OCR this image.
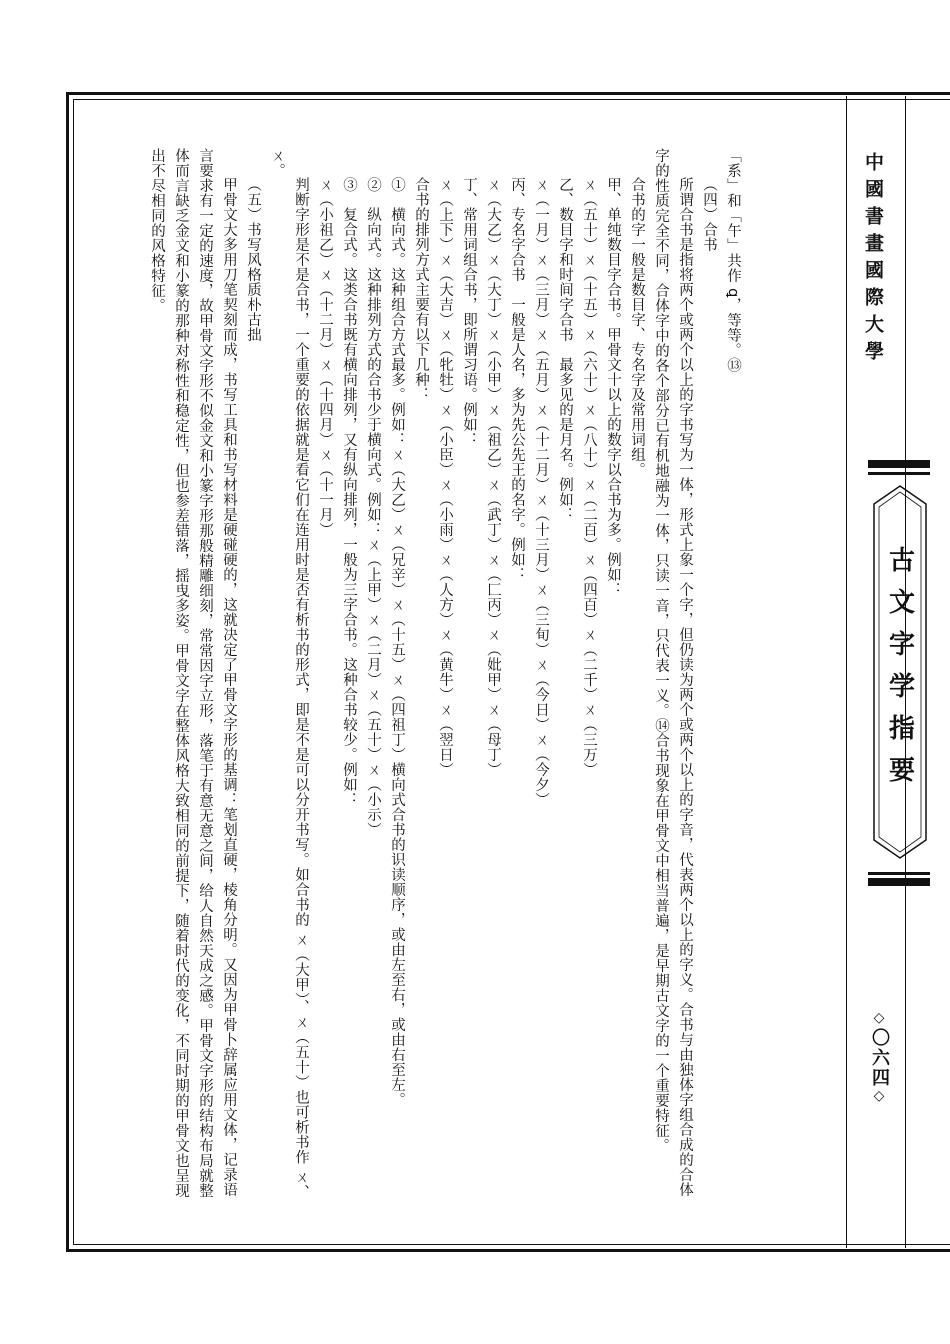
「系」和「午」共作 ꝗ，等等。⑬

（四）合书

所谓合书是指将两个或两个以上的字书写为一体，形式上象一个字，但仍读为两个或两个以上的字音，代表两个以上的字义。合书与由独体字组合成的合体字的性质完全不同，合体字中的各个部分已有机地融为一体，只读一音，只代表一义。⑭合书现象在甲骨文中相当普遍，是早期古文字的一个重要特征。

合书的字一般是数目字、专名字及常用词组。

甲、单纯数目字合书。甲骨文十以上的数字以合书为多。例如：

ㄨ（五十）ㄨ（十五）ㄨ（六十）ㄨ（八十）ㄨ（二百）ㄨ（四百）ㄨ（二千）ㄨ（三万）

乙、数目字和时间字合书　最多见的是月名。例如：

ㄨ（一月）ㄨ（三月）ㄨ（五月）ㄨ（十二月）ㄨ（十三月）ㄨ（三旬）ㄨ（今日）ㄨ（今夕）

丙、专名字合书　一般是人名，多为先公先王的名字。例如：

ㄨ（大乙）ㄨ（大丁）ㄨ（小甲）ㄨ（祖乙）ㄨ（武丁）ㄨ（匚丙）ㄨ（妣甲）ㄨ（母丁）

丁、常用词组合书，即所谓习语。例如：

ㄨ（上下）ㄨ（大吉）ㄨ（牝牡）ㄨ（小臣）ㄨ（小雨）ㄨ（人方）ㄨ（黄牛）ㄨ（翌日）

合书的排列方式主要有以下几种：

①　横向式。这种组合方式最多。例如：ㄨ（大乙）ㄨ（兄辛）ㄨ（十五）ㄨ（四祖丁）横向式合书的识读顺序，或由左至右，或由右至左。

②　纵向式。这种排列方式的合书少于横向式。例如：ㄨ（上甲）ㄨ（二月）ㄨ（五十）ㄨ（小示）

③　复合式。这类合书既有横向排列，又有纵向排列，一般为三字合书。这种合书较少。例如：

ㄨ（小祖乙）ㄨ（十二月）ㄨ（十四月）ㄨ（十一月）

判断字形是不是合书，一个重要的依据就是看它们在连用时是否有析书的形式，即是不是可以分开书写。如合书的 ㄨ（大甲）、ㄨ（五十）也可析书作 ㄨ、ㄨ。

（五）书写风格质朴古拙

甲骨文大多用刀笔契刻而成，书写工具和书写材料是硬碰硬的，这就决定了甲骨文字形的基调：笔划直硬，棱角分明。又因为甲骨卜辞属应用文体，记录语言要求有一定的速度，故甲骨文字形不似金文和小篆字形那般精雕细刻，常常因字立形，落笔于有意无意之间，给人自然天成之感。甲骨文字形的结构布局就整体而言缺乏金文和小篆的那种对称性和稳定性，但也参差错落，摇曳多姿。甲骨文字在整体风格大致相同的前提下，随着时代的变化，不同时期的甲骨文也呈现出不尽相同的风格特征。	中國書畫國際大學
古文字学指要
◇〇六四◇
